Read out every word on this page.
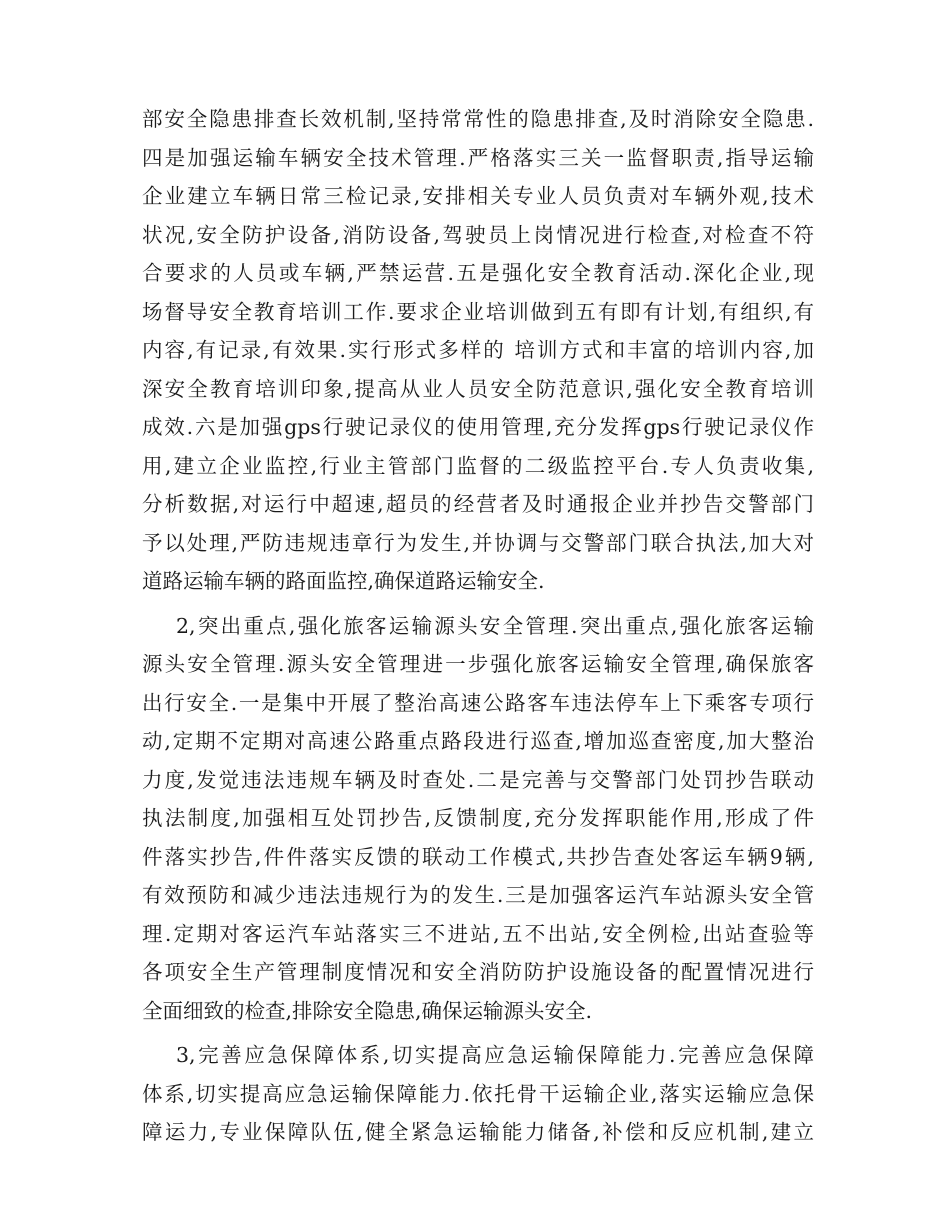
部安全隐患排查长效机制,坚持常常性的隐患排查,及时消除安全隐患.
四是加强运输车辆安全技术管理.严格落实三关一监督职责,指导运输
企业建立车辆日常三检记录,安排相关专业人员负责对车辆外观,技术
状况,安全防护设备,消防设备,驾驶员上岗情况进行检查,对检查不符
合要求的人员或车辆,严禁运营.五是强化安全教育活动.深化企业,现
场督导安全教育培训工作.要求企业培训做到五有即有计划,有组织,有
内容,有记录,有效果.实行形式多样的 培训方式和丰富的培训内容,加
深安全教育培训印象,提高从业人员安全防范意识,强化安全教育培训
成效.六是加强gps行驶记录仪的使用管理,充分发挥gps行驶记录仪作
用,建立企业监控,行业主管部门监督的二级监控平台.专人负责收集,
分析数据,对运行中超速,超员的经营者及时通报企业并抄告交警部门
予以处理,严防违规违章行为发生,并协调与交警部门联合执法,加大对
道路运输车辆的路面监控,确保道路运输安全.
2,突出重点,强化旅客运输源头安全管理.突出重点,强化旅客运输
源头安全管理.源头安全管理进一步强化旅客运输安全管理,确保旅客
出行安全.一是集中开展了整治高速公路客车违法停车上下乘客专项行
动,定期不定期对高速公路重点路段进行巡查,增加巡查密度,加大整治
力度,发觉违法违规车辆及时查处.二是完善与交警部门处罚抄告联动
执法制度,加强相互处罚抄告,反馈制度,充分发挥职能作用,形成了件
件落实抄告,件件落实反馈的联动工作模式,共抄告查处客运车辆9辆,
有效预防和减少违法违规行为的发生.三是加强客运汽车站源头安全管
理.定期对客运汽车站落实三不进站,五不出站,安全例检,出站查验等
各项安全生产管理制度情况和安全消防防护设施设备的配置情况进行
全面细致的检查,排除安全隐患,确保运输源头安全.
3,完善应急保障体系,切实提高应急运输保障能力.完善应急保障
体系,切实提高应急运输保障能力.依托骨干运输企业,落实运输应急保
障运力,专业保障队伍,健全紧急运输能力储备,补偿和反应机制,建立
